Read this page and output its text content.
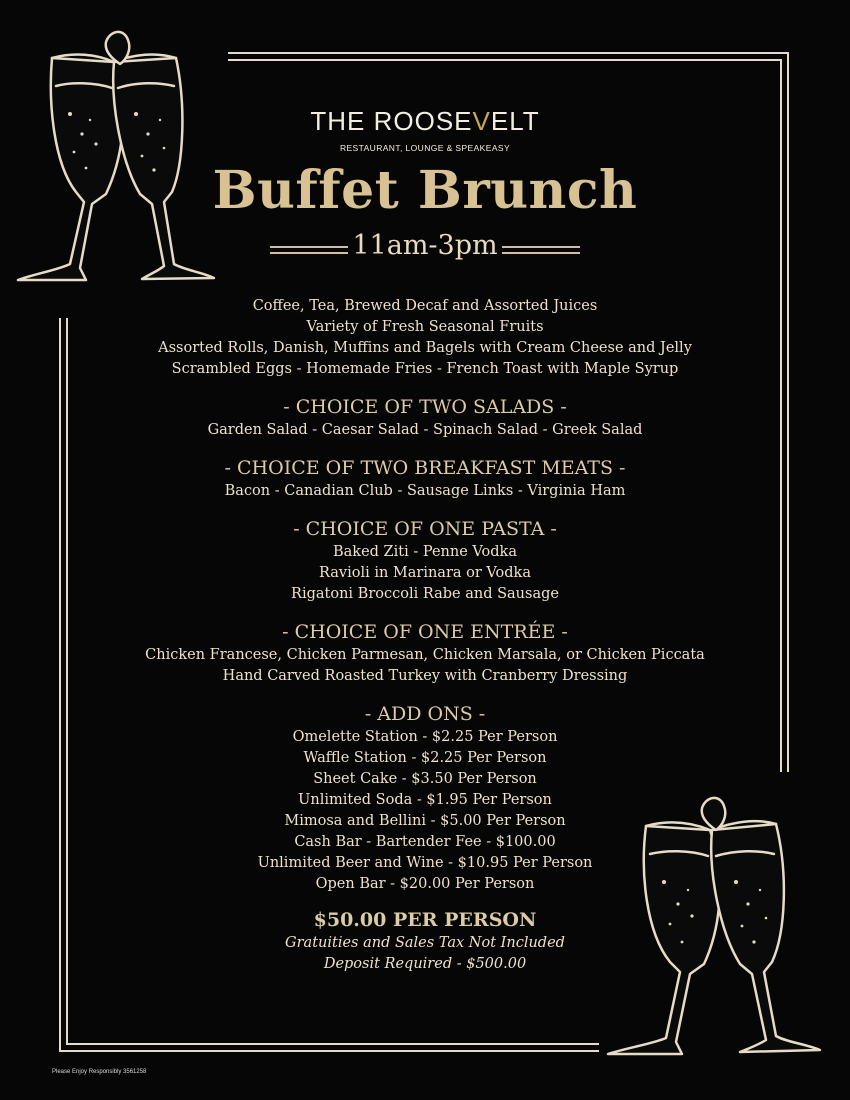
THE ROOSEVELT
RESTAURANT, LOUNGE & SPEAKEASY
Buffet Brunch
11am-3pm
Coffee, Tea, Brewed Decaf and Assorted Juices
Variety of Fresh Seasonal Fruits
Assorted Rolls, Danish, Muffins and Bagels with Cream Cheese and Jelly
Scrambled Eggs - Homemade Fries - French Toast with Maple Syrup
- CHOICE OF TWO SALADS -
Garden Salad - Caesar Salad - Spinach Salad - Greek Salad
- CHOICE OF TWO BREAKFAST MEATS -
Bacon - Canadian Club - Sausage Links - Virginia Ham
- CHOICE OF ONE PASTA -
Baked Ziti - Penne Vodka
Ravioli in Marinara or Vodka
Rigatoni Broccoli Rabe and Sausage
- CHOICE OF ONE ENTRÉE -
Chicken Francese, Chicken Parmesan, Chicken Marsala, or Chicken Piccata
Hand Carved Roasted Turkey with Cranberry Dressing
- ADD ONS -
Omelette Station - $2.25 Per Person
Waffle Station - $2.25 Per Person
Sheet Cake - $3.50 Per Person
Unlimited Soda - $1.95 Per Person
Mimosa and Bellini - $5.00 Per Person
Cash Bar - Bartender Fee - $100.00
Unlimited Beer and Wine - $10.95 Per Person
Open Bar - $20.00 Per Person
$50.00 PER PERSON
Gratuities and Sales Tax Not Included
Deposit Required - $500.00
Please Enjoy Responsibly 3561258
